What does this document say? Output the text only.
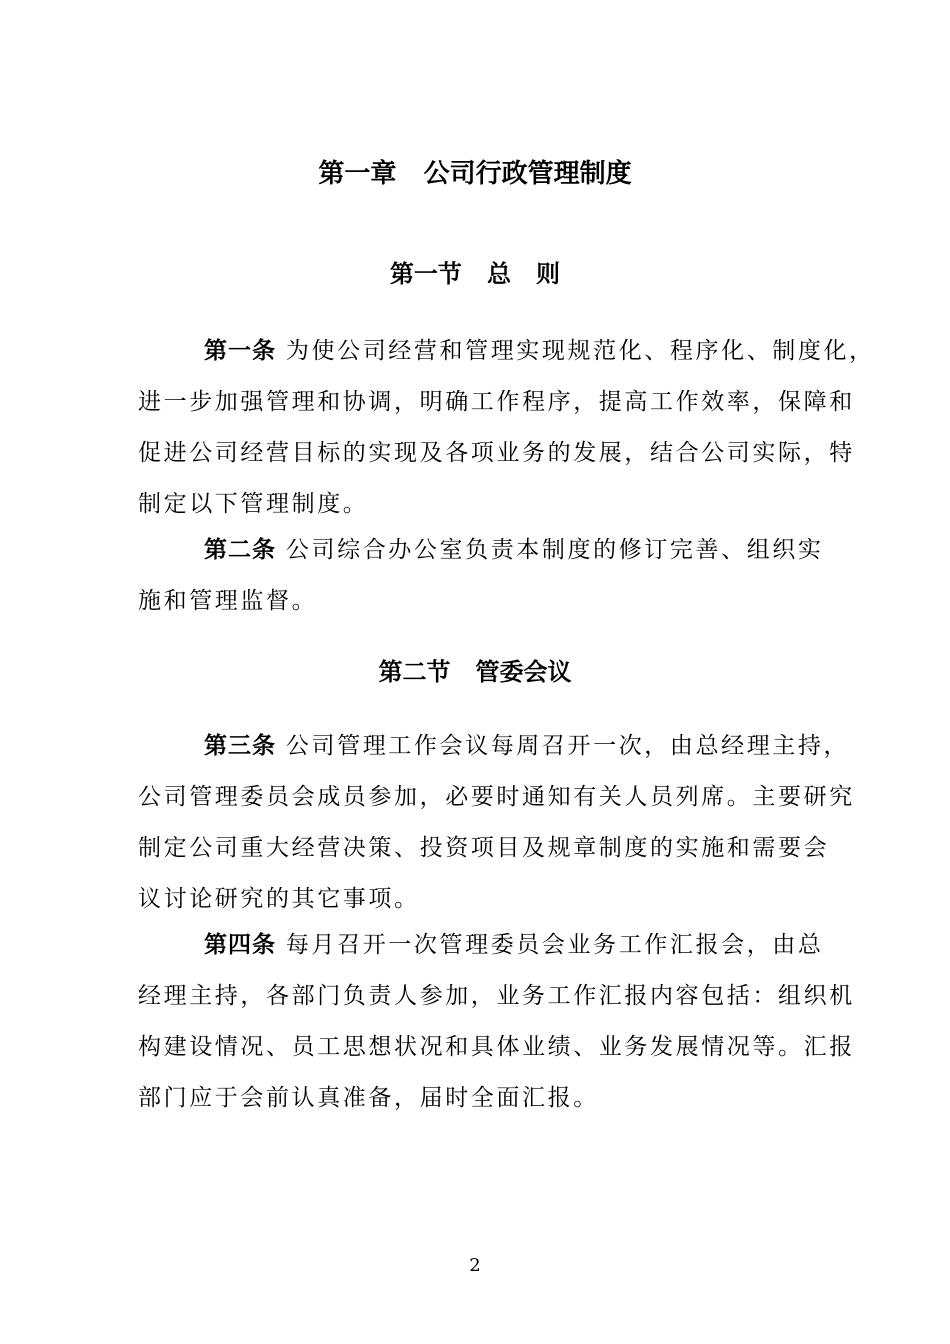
第一章   公司行政管理制度
第一节   总   则
第一条 为使公司经营和管理实现规范化、程序化、制度化，
进一步加强管理和协调，明确工作程序，提高工作效率，保障和
促进公司经营目标的实现及各项业务的发展，结合公司实际，特
制定以下管理制度。
第二条 公司综合办公室负责本制度的修订完善、组织实
施和管理监督。
第二节   管委会议
第三条 公司管理工作会议每周召开一次，由总经理主持，
公司管理委员会成员参加，必要时通知有关人员列席。主要研究
制定公司重大经营决策、投资项目及规章制度的实施和需要会
议讨论研究的其它事项。
第四条 每月召开一次管理委员会业务工作汇报会，由总
经理主持，各部门负责人参加，业务工作汇报内容包括：组织机
构建设情况、员工思想状况和具体业绩、业务发展情况等。汇报
部门应于会前认真准备，届时全面汇报。
2
